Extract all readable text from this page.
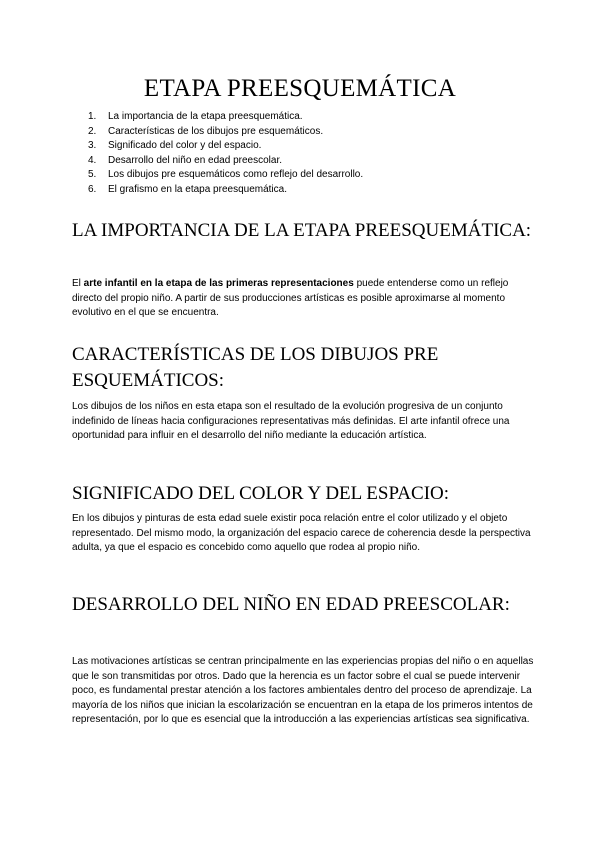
ETAPA PREESQUEMÁTICA
1.	La importancia de la etapa preesquemática.
2.	Características de los dibujos pre esquemáticos.
3.	Significado del color y del espacio.
4.	Desarrollo del niño en edad preescolar.
5.	Los dibujos pre esquemáticos como reflejo del desarrollo.
6.	El grafismo en la etapa preesquemática.
LA IMPORTANCIA DE LA ETAPA PREESQUEMÁTICA:

El arte infantil en la etapa de las primeras representaciones puede entenderse como un reflejo directo del propio niño. A partir de sus producciones artísticas es posible aproximarse al momento evolutivo en el que se encuentra.

CARACTERÍSTICAS DE LOS DIBUJOS PRE ESQUEMÁTICOS:

Los dibujos de los niños en esta etapa son el resultado de la evolución progresiva de un conjunto indefinido de líneas hacia configuraciones representativas más definidas. El arte infantil ofrece una oportunidad para influir en el desarrollo del niño mediante la educación artística.

SIGNIFICADO DEL COLOR Y DEL ESPACIO:

En los dibujos y pinturas de esta edad suele existir poca relación entre el color utilizado y el objeto representado. Del mismo modo, la organización del espacio carece de coherencia desde la perspectiva adulta, ya que el espacio es concebido como aquello que rodea al propio niño.

DESARROLLO DEL NIÑO EN EDAD PREESCOLAR:

Las motivaciones artísticas se centran principalmente en las experiencias propias del niño o en aquellas que le son transmitidas por otros. Dado que la herencia es un factor sobre el cual se puede intervenir poco, es fundamental prestar atención a los factores ambientales dentro del proceso de aprendizaje. La mayoría de los niños que inician la escolarización se encuentran en la etapa de los primeros intentos de representación, por lo que es esencial que la introducción a las experiencias artísticas sea significativa.
